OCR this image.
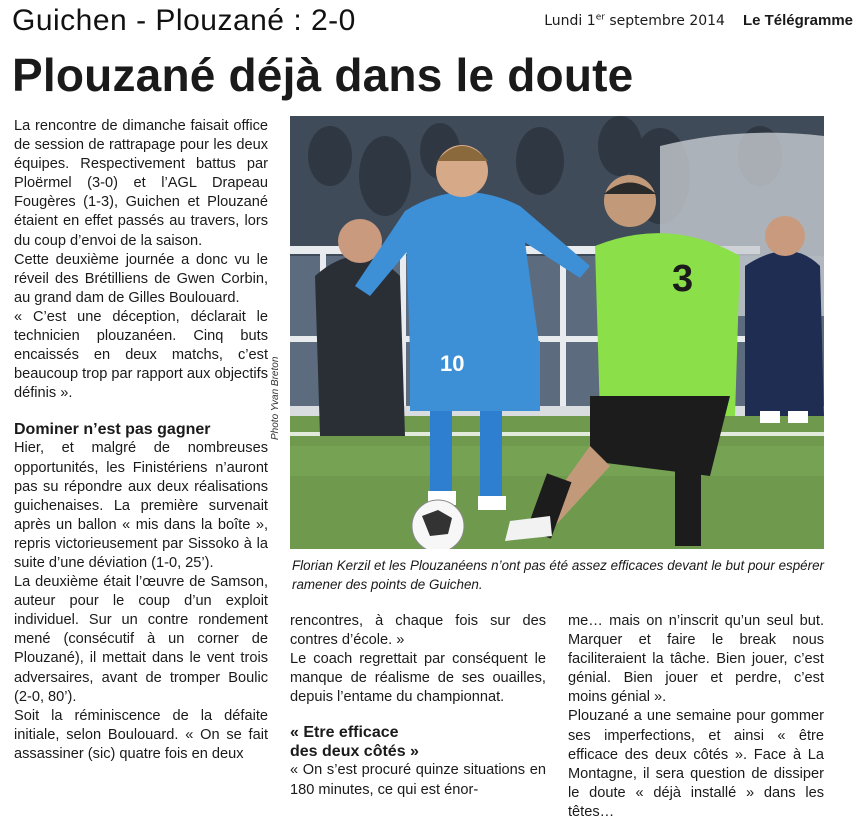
Guichen - Plouzané : 2-0	Lundi 1er septembre 2014 Le Télégramme
Plouzané déjà dans le doute

La rencontre de dimanche faisait office de session de rattrapage pour les deux équipes. Respectivement battus par Ploërmel (3-0) et l’AGL Drapeau Fougères (1-3), Guichen et Plouzané étaient en effet passés au travers, lors du coup d’envoi de la saison.

Cette deuxième journée a donc vu le réveil des Brétilliens de Gwen Corbin, au grand dam de Gilles Boulouard.

« C’est une déception, déclarait le technicien plouzanéen. Cinq buts encaissés en deux matchs, c’est beaucoup trop par rapport aux objectifs définis ».

Dominer n’est pas gagner

Hier, et malgré de nombreuses opportunités, les Finistériens n’auront pas su répondre aux deux réalisations guichenaises. La première survenait après un ballon « mis dans la boîte », repris victorieusement par Sissoko à la suite d’une déviation (1-0, 25’).

La deuxième était l’œuvre de Samson, auteur pour le coup d’un exploit individuel. Sur un contre rondement mené (consécutif à un corner de Plouzané), il mettait dans le vent trois adversaires, avant de tromper Boulic (2-0, 80’).

Soit la réminiscence de la défaite initiale, selon Boulouard. « On se fait assassiner (sic) quatre fois en deux

10
3
Photo Yvan Breton
Florian Kerzil et les Plouzanéens n’ont pas été assez efficaces devant le but pour espérer ramener des points de Guichen.

rencontres, à chaque fois sur des contres d’école. »

Le coach regrettait par conséquent le manque de réalisme de ses ouailles, depuis l’entame du championnat.

« Etre efficace
des deux côtés »

« On s’est procuré quinze situations en 180 minutes, ce qui est énor-

me… mais on n’inscrit qu’un seul but. Marquer et faire le break nous faciliteraient la tâche. Bien jouer, c’est génial. Bien jouer et perdre, c’est moins génial ».

Plouzané a une semaine pour gommer ses imperfections, et ainsi « être efficace des deux côtés ». Face à La Montagne, il sera question de dissiper le doute « déjà installé » dans les têtes…
